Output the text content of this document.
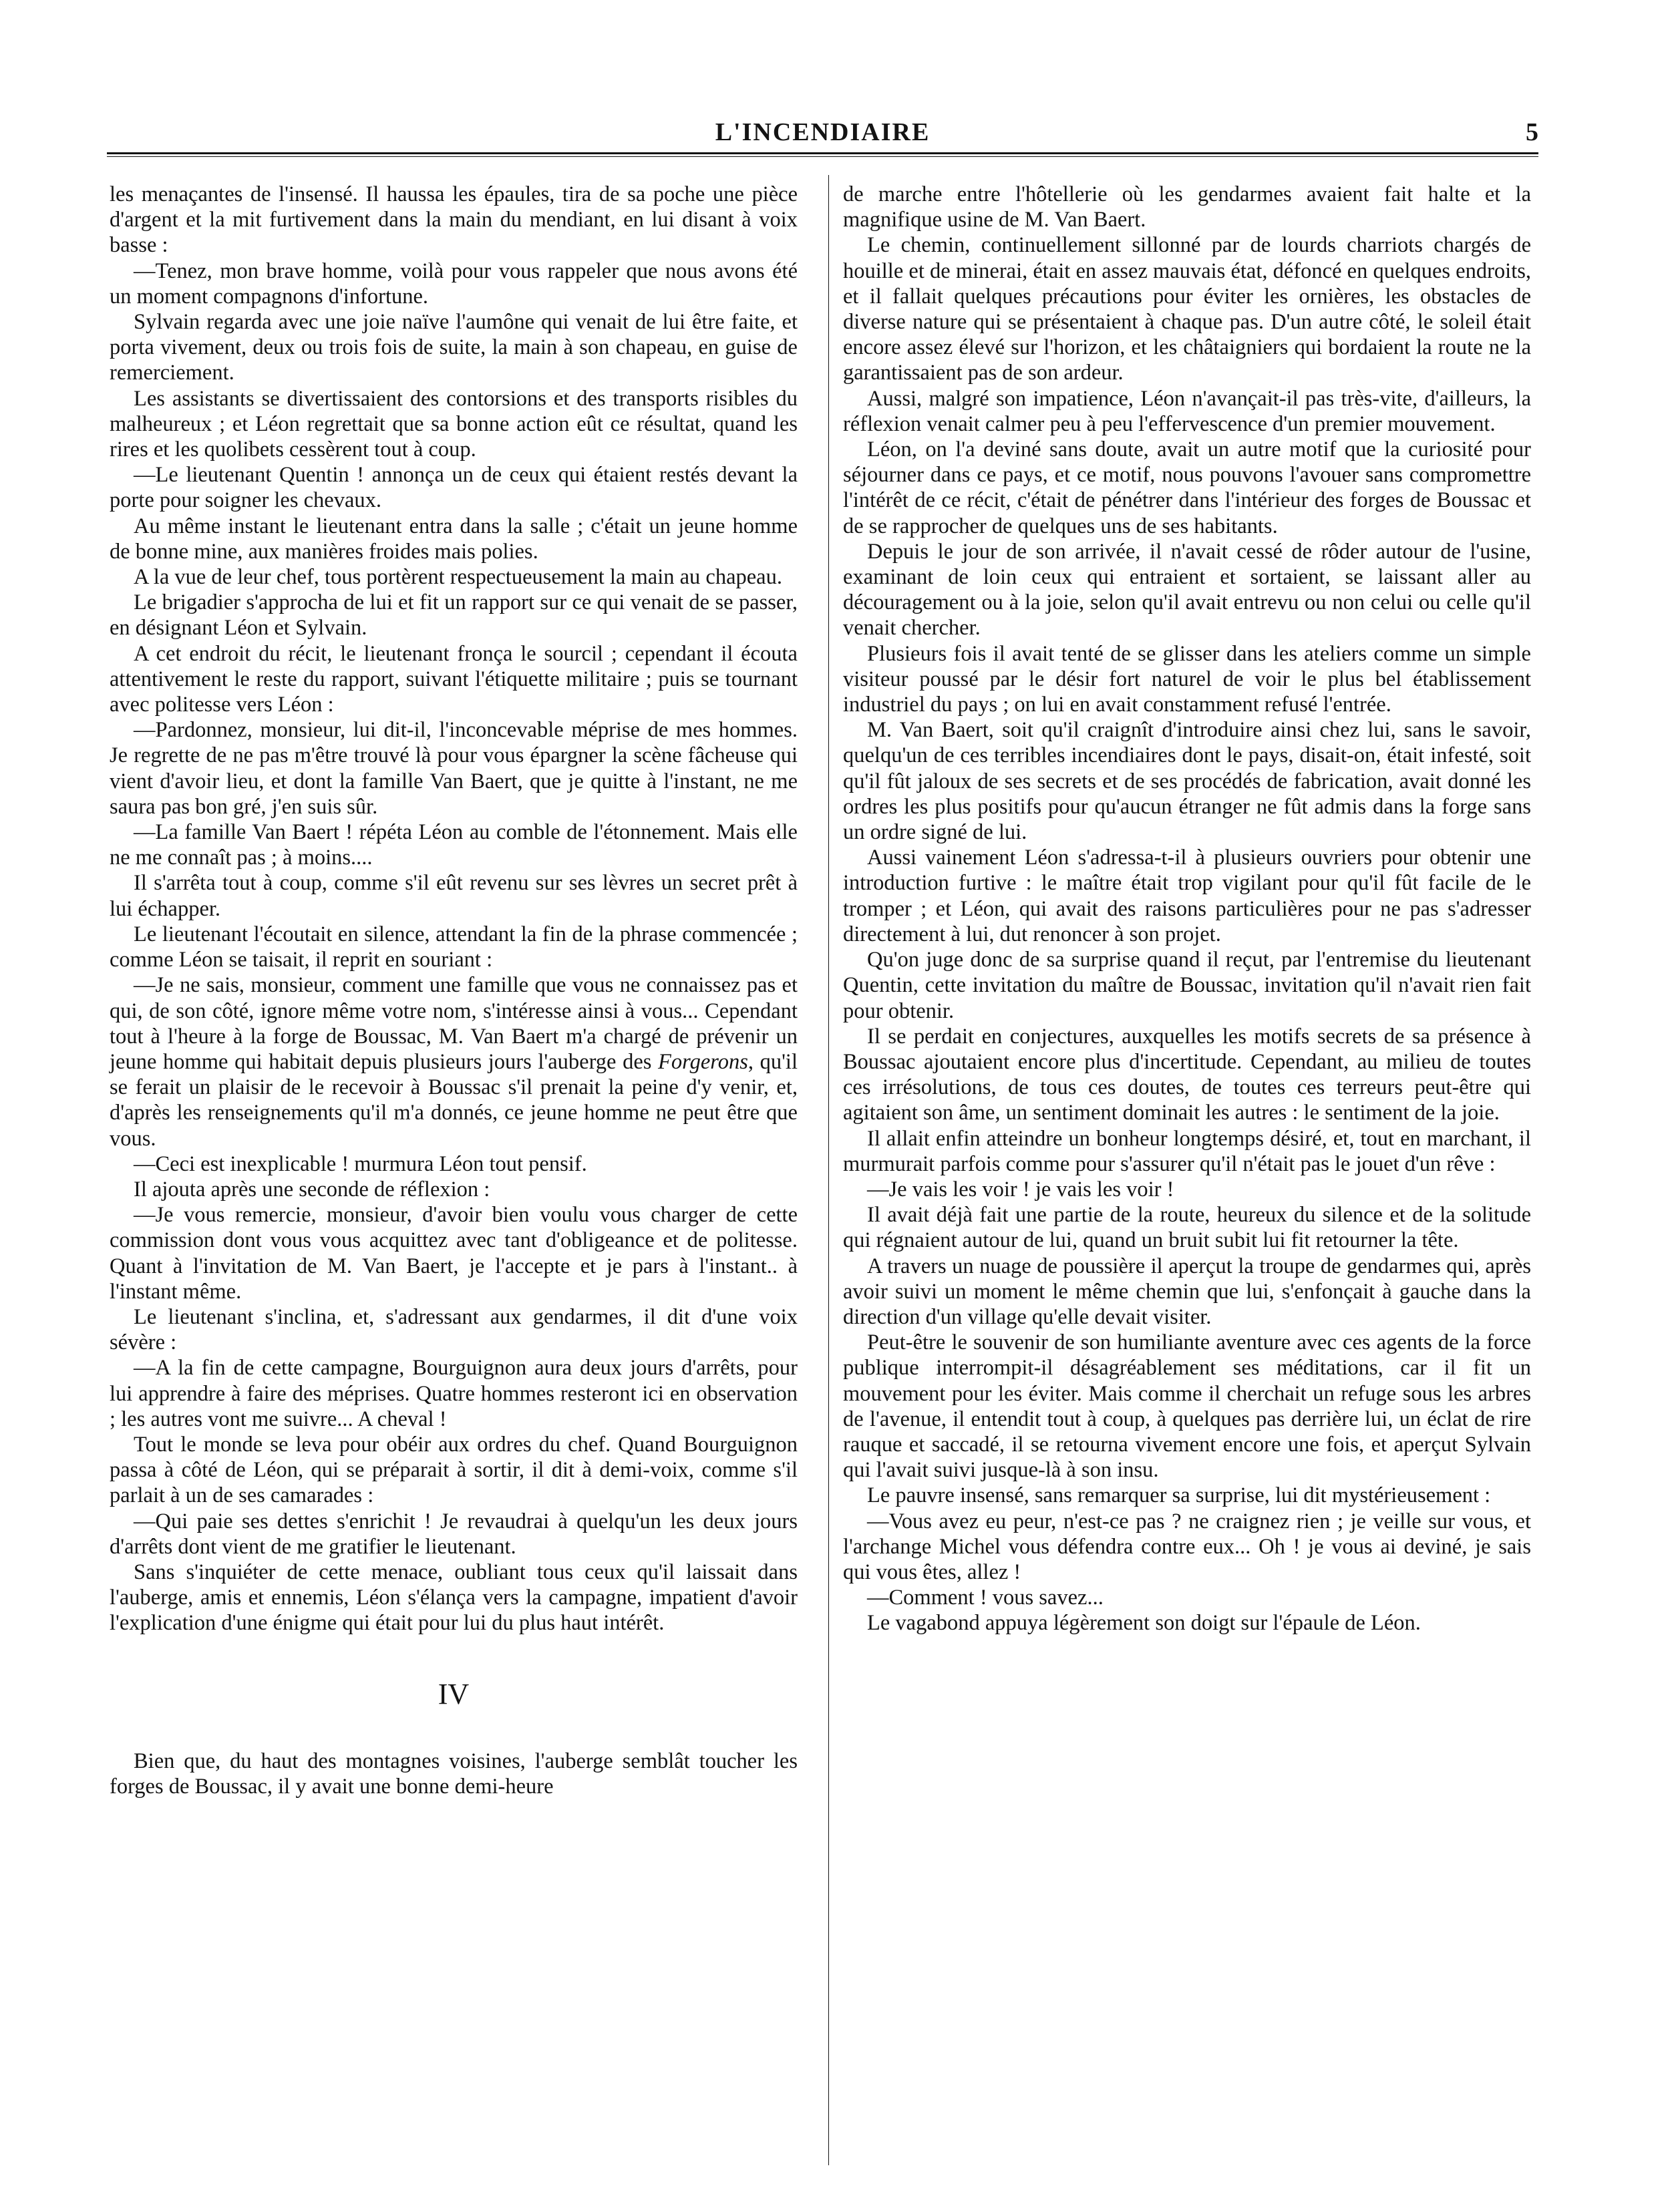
L'INCENDIAIRE	5

les menaçantes de l'insensé. Il haussa les épaules, tira de sa poche une pièce d'argent et la mit furtivement dans la main du mendiant, en lui disant à voix basse :

—Tenez, mon brave homme, voilà pour vous rappeler que nous avons été un moment compagnons d'infortune.

Sylvain regarda avec une joie naïve l'aumône qui venait de lui être faite, et porta vivement, deux ou trois fois de suite, la main à son chapeau, en guise de remerciement.

Les assistants se divertissaient des contorsions et des transports risibles du malheureux ; et Léon regrettait que sa bonne action eût ce résultat, quand les rires et les quolibets cessèrent tout à coup.

—Le lieutenant Quentin ! annonça un de ceux qui étaient restés devant la porte pour soigner les chevaux.

Au même instant le lieutenant entra dans la salle ; c'était un jeune homme de bonne mine, aux manières froides mais polies.

A la vue de leur chef, tous portèrent respectueusement la main au chapeau.

Le brigadier s'approcha de lui et fit un rapport sur ce qui venait de se passer, en désignant Léon et Sylvain.

A cet endroit du récit, le lieutenant fronça le sourcil ; cependant il écouta attentivement le reste du rapport, suivant l'étiquette militaire ; puis se tournant avec politesse vers Léon :

—Pardonnez, monsieur, lui dit-il, l'inconcevable méprise de mes hommes. Je regrette de ne pas m'être trouvé là pour vous épargner la scène fâcheuse qui vient d'avoir lieu, et dont la famille Van Baert, que je quitte à l'instant, ne me saura pas bon gré, j'en suis sûr.

—La famille Van Baert ! répéta Léon au comble de l'étonnement. Mais elle ne me connaît pas ; à moins....

Il s'arrêta tout à coup, comme s'il eût revenu sur ses lèvres un secret prêt à lui échapper.

Le lieutenant l'écoutait en silence, attendant la fin de la phrase commencée ; comme Léon se taisait, il reprit en souriant :

—Je ne sais, monsieur, comment une famille que vous ne connaissez pas et qui, de son côté, ignore même votre nom, s'intéresse ainsi à vous... Cependant tout à l'heure à la forge de Boussac, M. Van Baert m'a chargé de prévenir un jeune homme qui habitait depuis plusieurs jours l'auberge des Forgerons, qu'il se ferait un plaisir de le recevoir à Boussac s'il prenait la peine d'y venir, et, d'après les renseignements qu'il m'a donnés, ce jeune homme ne peut être que vous.

—Ceci est inexplicable ! murmura Léon tout pensif.

Il ajouta après une seconde de réflexion :

—Je vous remercie, monsieur, d'avoir bien voulu vous charger de cette commission dont vous vous acquittez avec tant d'obligeance et de politesse. Quant à l'invitation de M. Van Baert, je l'accepte et je pars à l'instant.. à l'instant même.

Le lieutenant s'inclina, et, s'adressant aux gendarmes, il dit d'une voix sévère :

—A la fin de cette campagne, Bourguignon aura deux jours d'arrêts, pour lui apprendre à faire des méprises. Quatre hommes resteront ici en observation ; les autres vont me suivre... A cheval !

Tout le monde se leva pour obéir aux ordres du chef. Quand Bourguignon passa à côté de Léon, qui se préparait à sortir, il dit à demi-voix, comme s'il parlait à un de ses camarades :

—Qui paie ses dettes s'enrichit ! Je revaudrai à quelqu'un les deux jours d'arrêts dont vient de me gratifier le lieutenant.

Sans s'inquiéter de cette menace, oubliant tous ceux qu'il laissait dans l'auberge, amis et ennemis, Léon s'élança vers la campagne, impatient d'avoir l'explication d'une énigme qui était pour lui du plus haut intérêt.

IV

Bien que, du haut des montagnes voisines, l'auberge semblât toucher les forges de Boussac, il y avait une bonne demi-heure

de marche entre l'hôtellerie où les gendarmes avaient fait halte et la magnifique usine de M. Van Baert.

Le chemin, continuellement sillonné par de lourds charriots chargés de houille et de minerai, était en assez mauvais état, défoncé en quelques endroits, et il fallait quelques précautions pour éviter les ornières, les obstacles de diverse nature qui se présentaient à chaque pas. D'un autre côté, le soleil était encore assez élevé sur l'horizon, et les châtaigniers qui bordaient la route ne la garantissaient pas de son ardeur.

Aussi, malgré son impatience, Léon n'avançait-il pas très-vite, d'ailleurs, la réflexion venait calmer peu à peu l'effervescence d'un premier mouvement.

Léon, on l'a deviné sans doute, avait un autre motif que la curiosité pour séjourner dans ce pays, et ce motif, nous pouvons l'avouer sans compromettre l'intérêt de ce récit, c'était de pénétrer dans l'intérieur des forges de Boussac et de se rapprocher de quelques uns de ses habitants.

Depuis le jour de son arrivée, il n'avait cessé de rôder autour de l'usine, examinant de loin ceux qui entraient et sortaient, se laissant aller au découragement ou à la joie, selon qu'il avait entrevu ou non celui ou celle qu'il venait chercher.

Plusieurs fois il avait tenté de se glisser dans les ateliers comme un simple visiteur poussé par le désir fort naturel de voir le plus bel établissement industriel du pays ; on lui en avait constamment refusé l'entrée.

M. Van Baert, soit qu'il craignît d'introduire ainsi chez lui, sans le savoir, quelqu'un de ces terribles incendiaires dont le pays, disait-on, était infesté, soit qu'il fût jaloux de ses secrets et de ses procédés de fabrication, avait donné les ordres les plus positifs pour qu'aucun étranger ne fût admis dans la forge sans un ordre signé de lui.

Aussi vainement Léon s'adressa-t-il à plusieurs ouvriers pour obtenir une introduction furtive : le maître était trop vigilant pour qu'il fût facile de le tromper ; et Léon, qui avait des raisons particulières pour ne pas s'adresser directement à lui, dut renoncer à son projet.

Qu'on juge donc de sa surprise quand il reçut, par l'entremise du lieutenant Quentin, cette invitation du maître de Boussac, invitation qu'il n'avait rien fait pour obtenir.

Il se perdait en conjectures, auxquelles les motifs secrets de sa présence à Boussac ajoutaient encore plus d'incertitude. Cependant, au milieu de toutes ces irrésolutions, de tous ces doutes, de toutes ces terreurs peut-être qui agitaient son âme, un sentiment dominait les autres : le sentiment de la joie.

Il allait enfin atteindre un bonheur longtemps désiré, et, tout en marchant, il murmurait parfois comme pour s'assurer qu'il n'était pas le jouet d'un rêve :

—Je vais les voir ! je vais les voir !

Il avait déjà fait une partie de la route, heureux du silence et de la solitude qui régnaient autour de lui, quand un bruit subit lui fit retourner la tête.

A travers un nuage de poussière il aperçut la troupe de gendarmes qui, après avoir suivi un moment le même chemin que lui, s'enfonçait à gauche dans la direction d'un village qu'elle devait visiter.

Peut-être le souvenir de son humiliante aventure avec ces agents de la force publique interrompit-il désagréablement ses méditations, car il fit un mouvement pour les éviter. Mais comme il cherchait un refuge sous les arbres de l'avenue, il entendit tout à coup, à quelques pas derrière lui, un éclat de rire rauque et saccadé, il se retourna vivement encore une fois, et aperçut Sylvain qui l'avait suivi jusque-là à son insu.

Le pauvre insensé, sans remarquer sa surprise, lui dit mystérieusement :

—Vous avez eu peur, n'est-ce pas ? ne craignez rien ; je veille sur vous, et l'archange Michel vous défendra contre eux... Oh ! je vous ai deviné, je sais qui vous êtes, allez !

—Comment ! vous savez...

Le vagabond appuya légèrement son doigt sur l'épaule de Léon.
